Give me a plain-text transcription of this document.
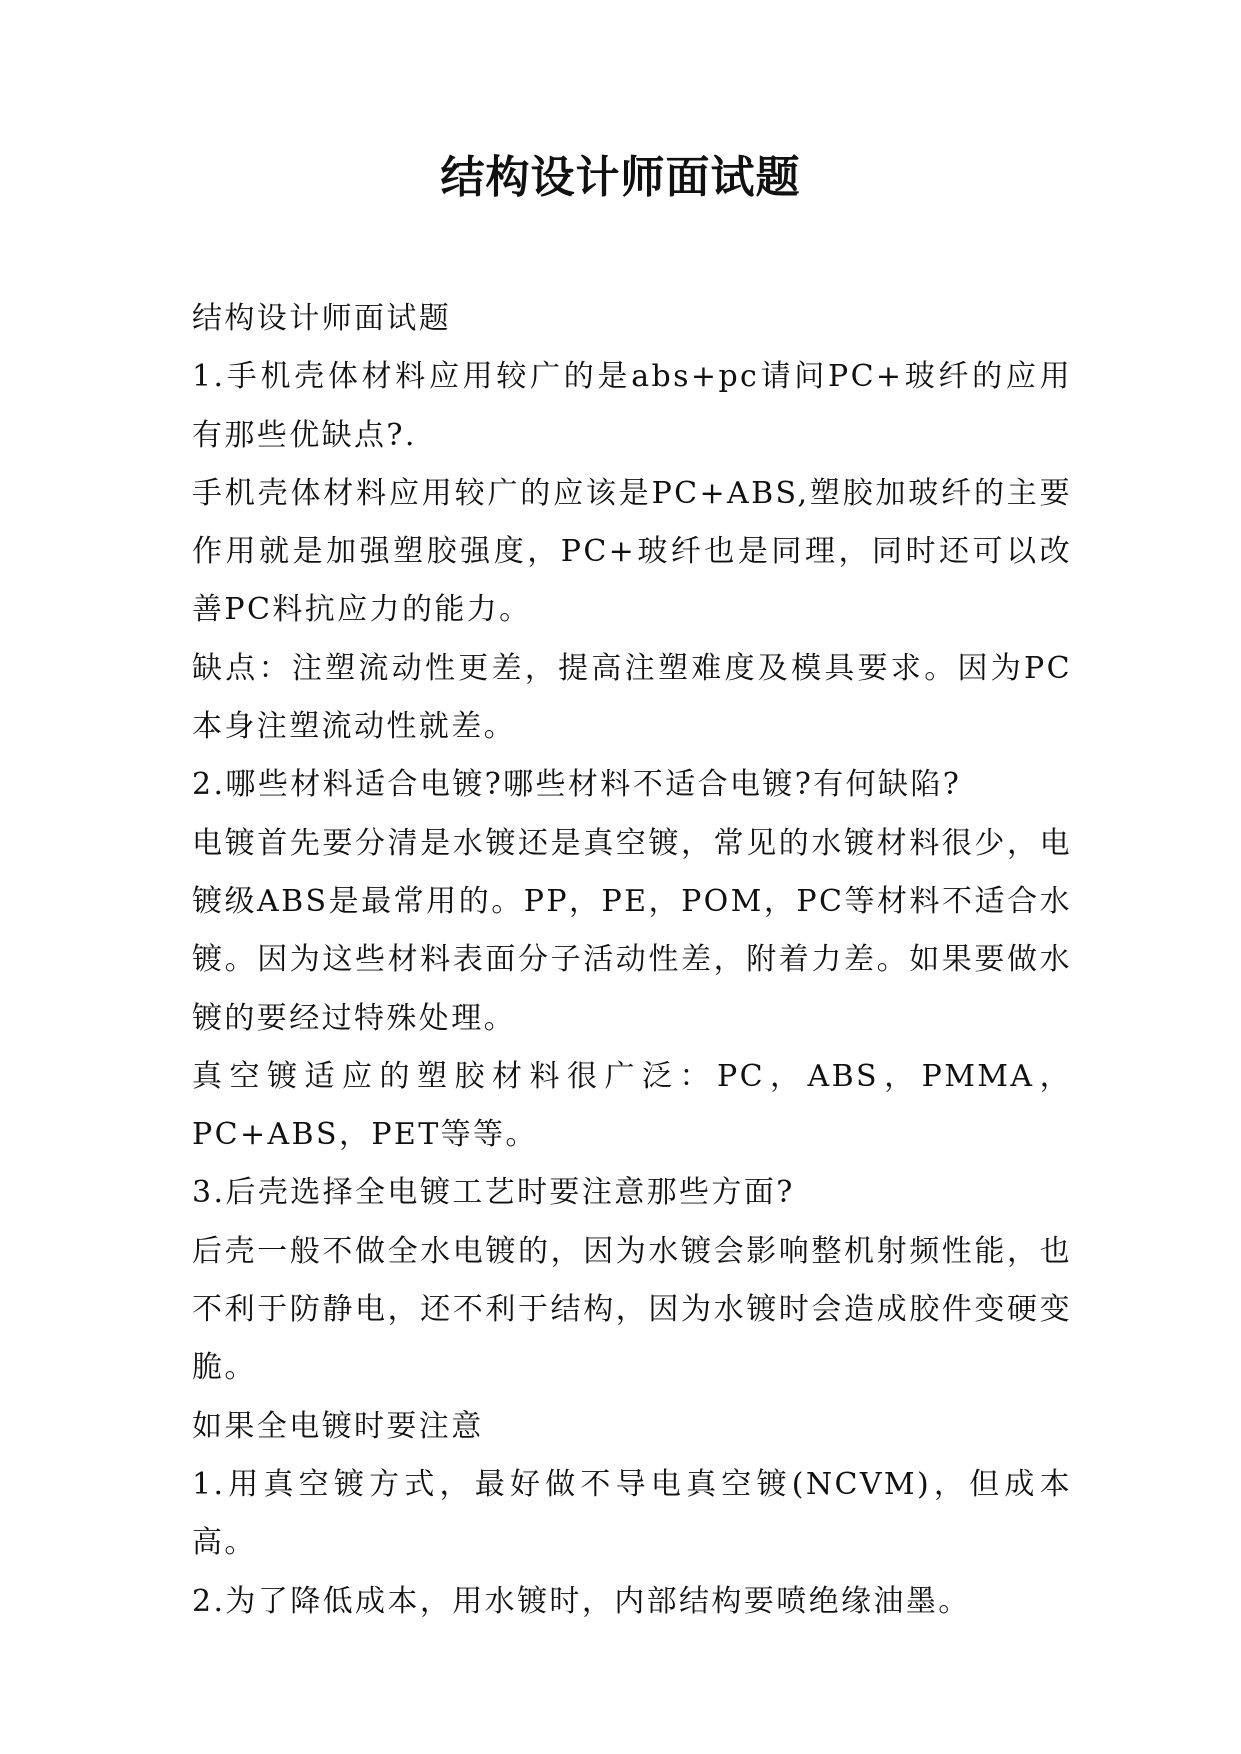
结构设计师面试题

结构设计师面试题

1.手机壳体材料应用较广的是abs+pc请问PC+玻纤的应用有那些优缺点?.

手机壳体材料应用较广的应该是PC+ABS,塑胶加玻纤的主要作用就是加强塑胶强度，PC+玻纤也是同理，同时还可以改善PC料抗应力的能力。

缺点：注塑流动性更差，提高注塑难度及模具要求。因为PC本身注塑流动性就差。

2.哪些材料适合电镀?哪些材料不适合电镀?有何缺陷?

电镀首先要分清是水镀还是真空镀，常见的水镀材料很少，电镀级ABS是最常用的。PP，PE，POM，PC等材料不适合水镀。因为这些材料表面分子活动性差，附着力差。如果要做水镀的要经过特殊处理。

真空镀适应的塑胶材料很广泛：PC，ABS，PMMA，PC+ABS，PET等等。

3.后壳选择全电镀工艺时要注意那些方面?

后壳一般不做全水电镀的，因为水镀会影响整机射频性能，也不利于防静电，还不利于结构，因为水镀时会造成胶件变硬变脆。

如果全电镀时要注意

1.用真空镀方式，最好做不导电真空镀(NCVM)，但成本高。

2.为了降低成本，用水镀时，内部结构要喷绝缘油墨。
